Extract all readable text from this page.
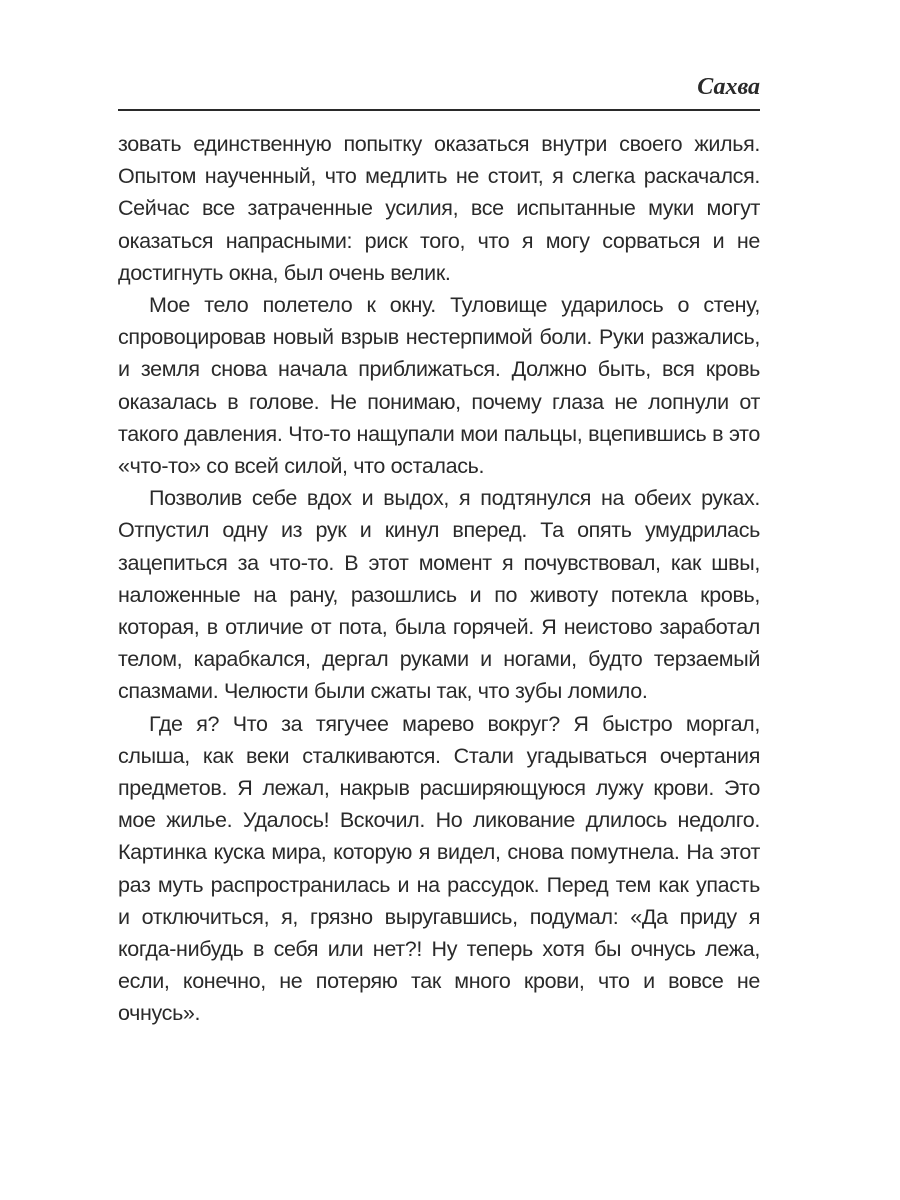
Сахва

зовать единственную попытку оказаться внутри своего жилья. Опытом наученный, что медлить не стоит, я слегка раскачался. Сейчас все затраченные усилия, все испытанные муки могут оказаться напрасными: риск того, что я могу сорваться и не достигнуть окна, был очень велик.

Мое тело полетело к окну. Туловище ударилось о стену, спровоцировав новый взрыв нестерпимой боли. Руки разжались, и земля снова начала приближаться. Должно быть, вся кровь оказалась в голове. Не понимаю, почему глаза не лопнули от такого давления. Что-то нащупали мои пальцы, вцепившись в это «что-то» со всей силой, что осталась.

Позволив себе вдох и выдох, я подтянулся на обеих руках. Отпустил одну из рук и кинул вперед. Та опять умудрилась зацепиться за что-то. В этот момент я почувствовал, как швы, наложенные на рану, разошлись и по животу потекла кровь, которая, в отличие от пота, была горячей. Я неистово заработал телом, карабкался, дергал руками и ногами, будто терзаемый спазмами. Челюсти были сжаты так, что зубы ломило.

Где я? Что за тягучее марево вокруг? Я быстро моргал, слыша, как веки сталкиваются. Стали угадываться очертания предметов. Я лежал, накрыв расширяющуюся лужу крови. Это мое жилье. Удалось! Вскочил. Но ликование длилось недолго. Картинка куска мира, которую я видел, снова помутнела. На этот раз муть распространилась и на рассудок. Перед тем как упасть и отключиться, я, грязно выругавшись, подумал: «Да приду я когда-нибудь в себя или нет?! Ну теперь хотя бы очнусь лежа, если, конечно, не потеряю так много крови, что и вовсе не очнусь».
